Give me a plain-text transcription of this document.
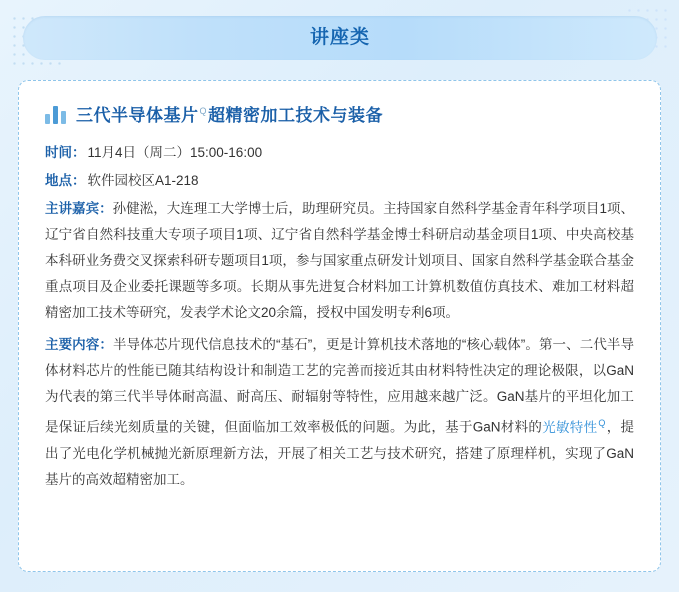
讲座类
三代半导体基片$^Q$超精密加工技术与装备
时间： 11月4日（周二）15:00-16:00
地点： 软件园校区A1-218
主讲嘉宾：孙健淞，大连理工大学博士后，助理研究员。主持国家自然科学基金青年科学项目1项、辽宁省自然科技重大专项子项目1项、辽宁省自然科学基金博士科研启动基金项目1项、中央高校基本科研业务费交叉探索科研专题项目1项，参与国家重点研发计划项目、国家自然科学基金联合基金重点项目及企业委托课题等多项。长期从事先进复合材料加工计算机数值仿真技术、难加工材料超精密加工技术等研究，发表学术论文20余篇，授权中国发明专利6项。
主要内容：半导体芯片现代信息技术的“基石”，更是计算机技术落地的“核心载体”。第一、二代半导体材料芯片的性能已随其结构设计和制造工艺的完善而接近其由材料特性决定的理论极限，以GaN为代表的第三代半导体耐高温、耐高压、耐辐射等特性，应用越来越广泛。GaN基片的平坦化加工是保证后续光刻质量的关键，但面临加工效率极低的问题。为此，基于GaN材料的光敏特性$^Q$，提出了光电化学机械抛光新原理新方法，开展了相关工艺与技术研究，搭建了原理样机，实现了GaN基片的高效超精密加工。
